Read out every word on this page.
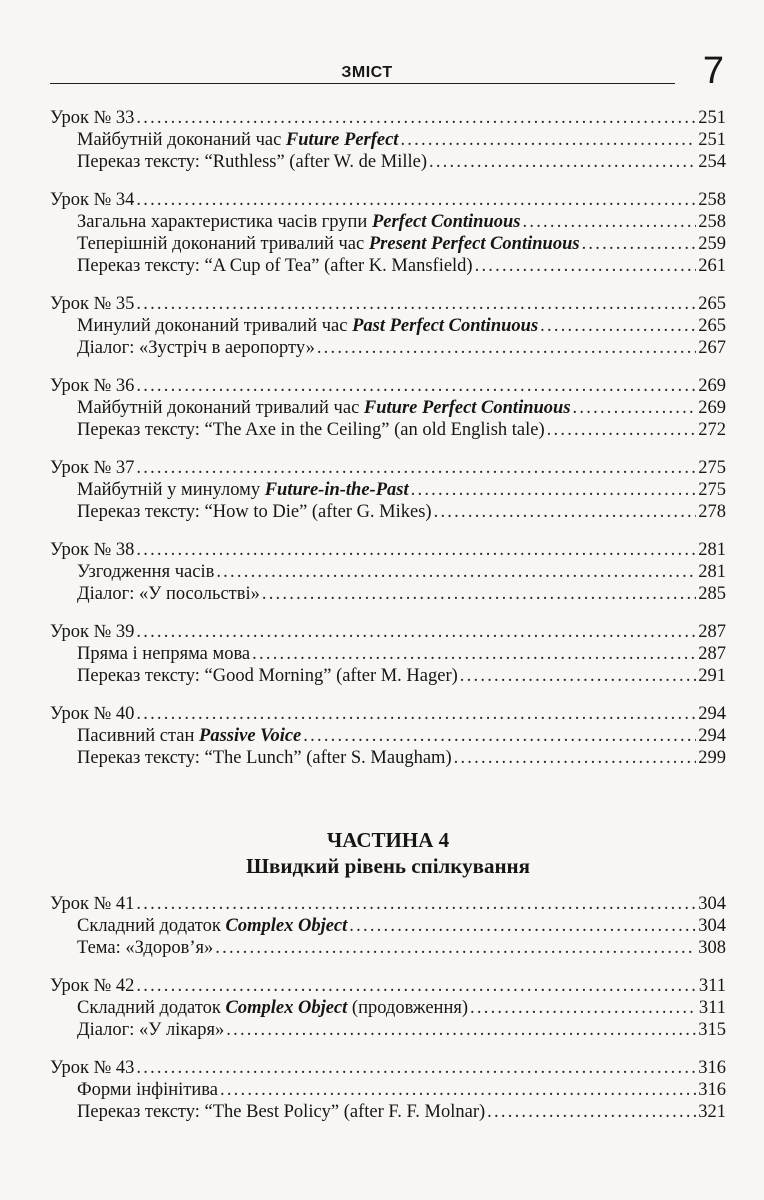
ЗМІСТ	7
Урок № 33 . . .	251
Майбутній доконаний час Future Perfect . . .	251
Переказ тексту: “Ruthless” (after W. de Mille) . . .	254
Урок № 34 . . .	258
Загальна характеристика часів групи Perfect Continuous . . .	258
Теперішній доконаний тривалий час Present Perfect Continuous . . .	259
Переказ тексту: “A Cup of Tea” (after K. Mansfield) . . .	261
Урок № 35 . . .	265
Минулий доконаний тривалий час Past Perfect Continuous . . .	265
Діалог: «Зустріч в аеропорту» . . .	267
Урок № 36 . . .	269
Майбутній доконаний тривалий час Future Perfect Continuous . . .	269
Переказ тексту: “The Axe in the Ceiling” (an old English tale) . . .	272
Урок № 37 . . .	275
Майбутній у минулому Future-in-the-Past . . .	275
Переказ тексту: “How to Die” (after G. Mikes) . . .	278
Урок № 38 . . .	281
Узгодження часів . . .	281
Діалог: «У посольстві» . . .	285
Урок № 39 . . .	287
Пряма і непряма мова . . .	287
Переказ тексту: “Good Morning” (after M. Hager) . . .	291
Урок № 40 . . .	294
Пасивний стан Passive Voice . . .	294
Переказ тексту: “The Lunch” (after S. Maugham) . . .	299
ЧАСТИНА 4
Швидкий рівень спілкування
Урок № 41 . . .	304
Складний додаток Complex Object . . .	304
Тема: «Здоров’я» . . .	308
Урок № 42 . . .	311
Складний додаток Complex Object (продовження) . . .	311
Діалог: «У лікаря» . . .	315
Урок № 43 . . .	316
Форми інфінітива . . .	316
Переказ тексту: “The Best Policy” (after F. F. Molnar) . . .	321
